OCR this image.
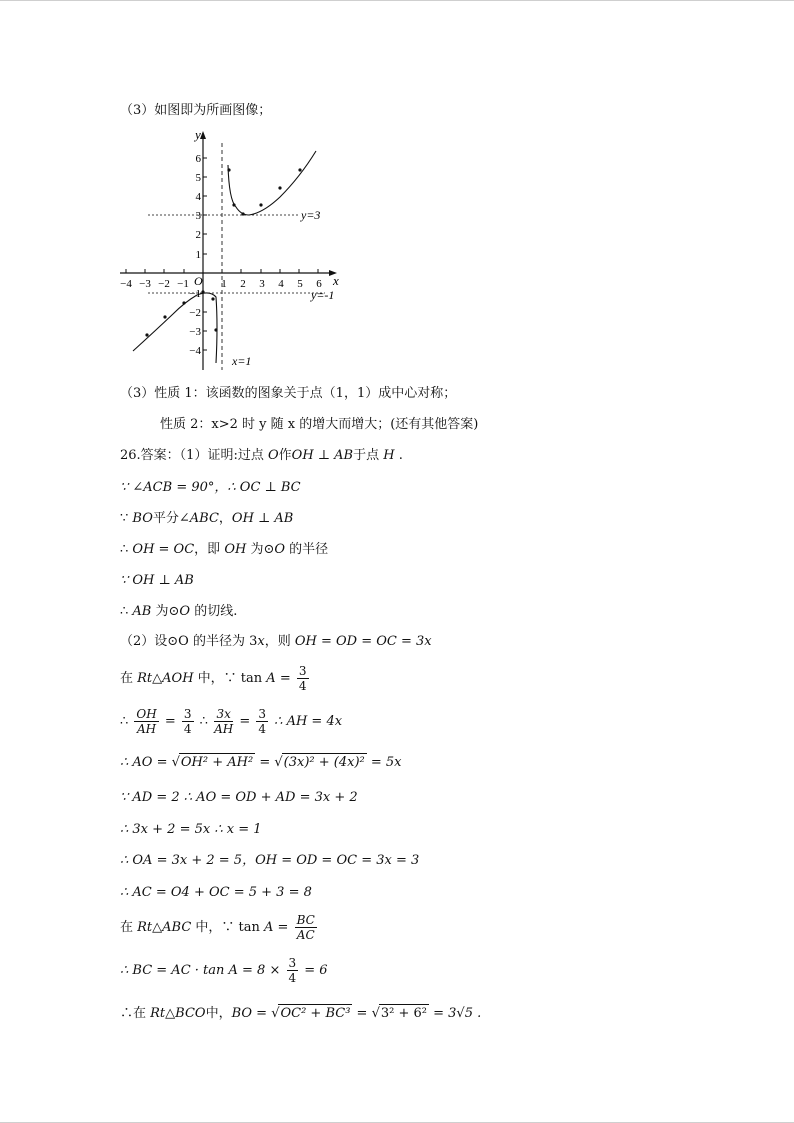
（3）如图即为所画图像；
y
x
O
−4 −3 −2 −1	1 2 3 4 5 6
6
5
4
3
2
1
−1
−2
−3
−4
y=3
y=-1
x=1
（3）性质 1：该函数的图象关于点（1，1）成中心对称；
性质 2：x>2 时 y 随 x 的增大而增大；(还有其他答案)
26.答案：（1）证明:过点 O作OH ⊥ AB于点 H .
∵ ∠ACB = 90°，∴ OC ⊥ BC
∵ BO平分∠ABC，OH ⊥ AB
∴ OH = OC，即 OH 为⊙O 的半径
∵ OH ⊥ AB
∴ AB 为⊙O 的切线.
（2）设⊙O 的半径为 3x，则 OH = OD = OC = 3x
在 Rt△AOH 中，∵ $\tan A = \frac{3}{4}$
∴ $\frac{OH}{AH} = \frac{3}{4}$ ∴ $\frac{3x}{AH} = \frac{3}{4}$ ∴ AH = 4x
∴ AO = √OH² + AH² = √(3x)² + (4x)² = 5x
∵ AD = 2 ∴ AO = OD + AD = 3x + 2
∴ 3x + 2 = 5x ∴ x = 1
∴ OA = 3x + 2 = 5，OH = OD = OC = 3x = 3
∴ AC = O4 + OC = 5 + 3 = 8
在 Rt△ABC 中，∵ $\tan A = \frac{BC}{AC}$
∴ BC = AC · $\tan A = 8 \times \frac{3}{4} = 6$
∴在 Rt△BCO中，BO = √OC² + BC³ = √3² + 6² = 3√5 .
